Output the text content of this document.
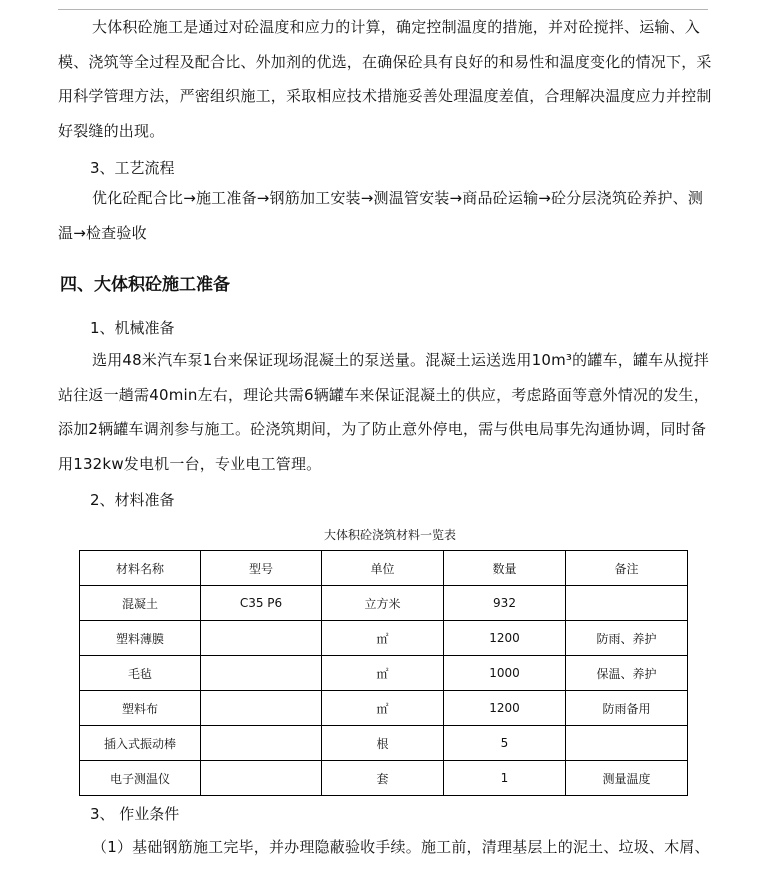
大体积砼施工是通过对砼温度和应力的计算，确定控制温度的措施，并对砼搅拌、运输、入模、浇筑等全过程及配合比、外加剂的优选，在确保砼具有良好的和易性和温度变化的情况下，采用科学管理方法，严密组织施工，采取相应技术措施妥善处理温度差值，合理解决温度应力并控制好裂缝的出现。

3、工艺流程

优化砼配合比→施工准备→钢筋加工安装→测温管安装→商品砼运输→砼分层浇筑砼养护、测温→检查验收

四、大体积砼施工准备

1、机械准备

选用48米汽车泵1台来保证现场混凝土的泵送量。混凝土运送选用10m³的罐车，罐车从搅拌站往返一趟需40min左右，理论共需6辆罐车来保证混凝土的供应，考虑路面等意外情况的发生，添加2辆罐车调剂参与施工。砼浇筑期间，为了防止意外停电，需与供电局事先沟通协调，同时备用132kw发电机一台，专业电工管理。

2、材料准备

大体积砼浇筑材料一览表
材料名称	型号	单位	数量	备注
混凝土	C35 P6	立方米	932	
塑料薄膜		㎡	1200	防雨、养护
毛毡		㎡	1000	保温、养护
塑料布		㎡	1200	防雨备用
插入式振动棒		根	5	
电子测温仪		套	1	测量温度

3、 作业条件

（1）基础钢筋施工完毕，并办理隐蔽验收手续。施工前，清理基层上的泥土、垃圾、木屑、
